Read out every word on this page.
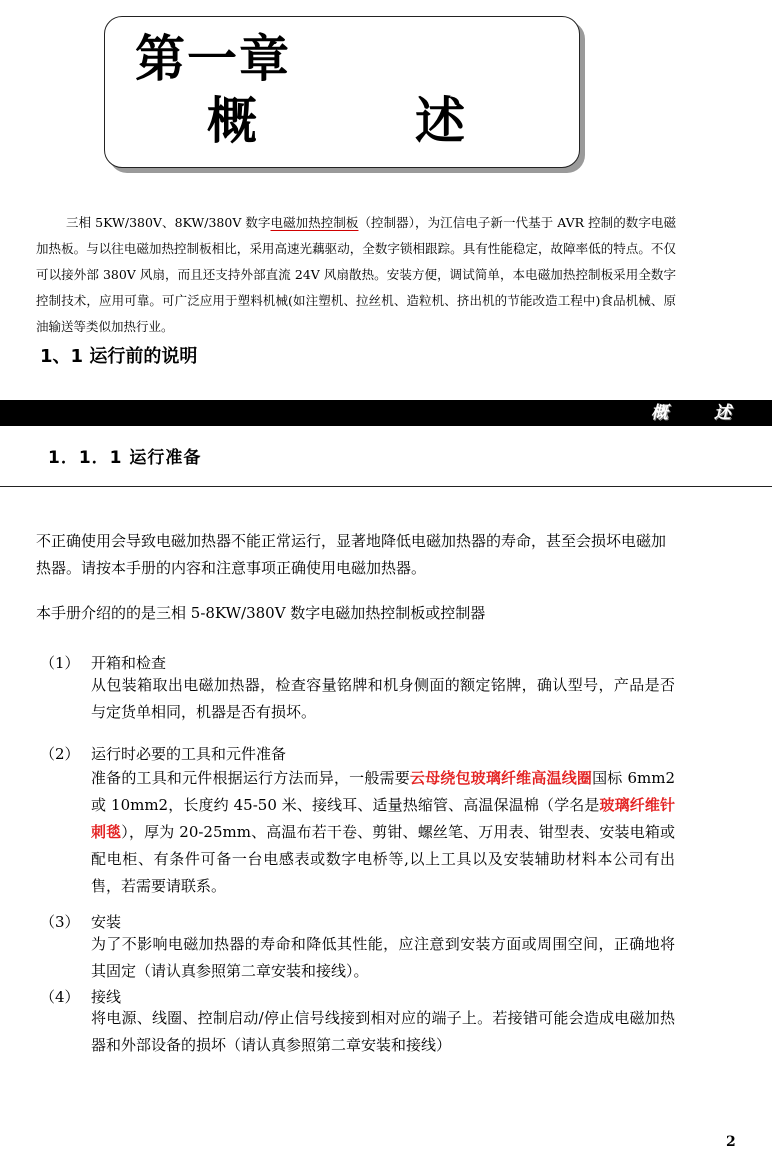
第一章

概	述

三相 5KW/380V、8KW/380V 数字电磁加热控制板（控制器），为江信电子新一代基于 AVR 控制的数字电磁加热板。与以往电磁加热控制板相比，采用高速光藕驱动，全数字锁相跟踪。具有性能稳定，故障率低的特点。不仅可以接外部 380V 风扇，而且还支持外部直流 24V 风扇散热。安装方便，调试简单，本电磁加热控制板采用全数字控制技术，应用可靠。可广泛应用于塑料机械(如注塑机、拉丝机、造粒机、挤出机的节能改造工程中)食品机械、原油输送等类似加热行业。

1、1 运行前的说明
概	述
1．1．1 运行准备

不正确使用会导致电磁加热器不能正常运行，显著地降低电磁加热器的寿命，甚至会损坏电磁加热器。请按本手册的内容和注意事项正确使用电磁加热器。

本手册介绍的的是三相 5-8KW/380V 数字电磁加热控制板或控制器

（1） 开箱和检查

从包装箱取出电磁加热器，检查容量铭牌和机身侧面的额定铭牌，确认型号，产品是否与定货单相同，机器是否有损坏。

（2） 运行时必要的工具和元件准备

准备的工具和元件根据运行方法而异，一般需要云母绕包玻璃纤维高温线圈国标 6mm2 或 10mm2，长度约 45-50 米、接线耳、适量热缩管、高温保温棉（学名是玻璃纤维针刺毯），厚为 20-25mm、高温布若干卷、剪钳、螺丝笔、万用表、钳型表、安装电箱或配电柜、有条件可备一台电感表或数字电桥等,以上工具以及安装辅助材料本公司有出售，若需要请联系。

（3） 安装

为了不影响电磁加热器的寿命和降低其性能，应注意到安装方面或周围空间，正确地将其固定（请认真参照第二章安装和接线）。

（4） 接线

将电源、线圈、控制启动/停止信号线接到相对应的端子上。若接错可能会造成电磁加热器和外部设备的损坏（请认真参照第二章安装和接线）

2
